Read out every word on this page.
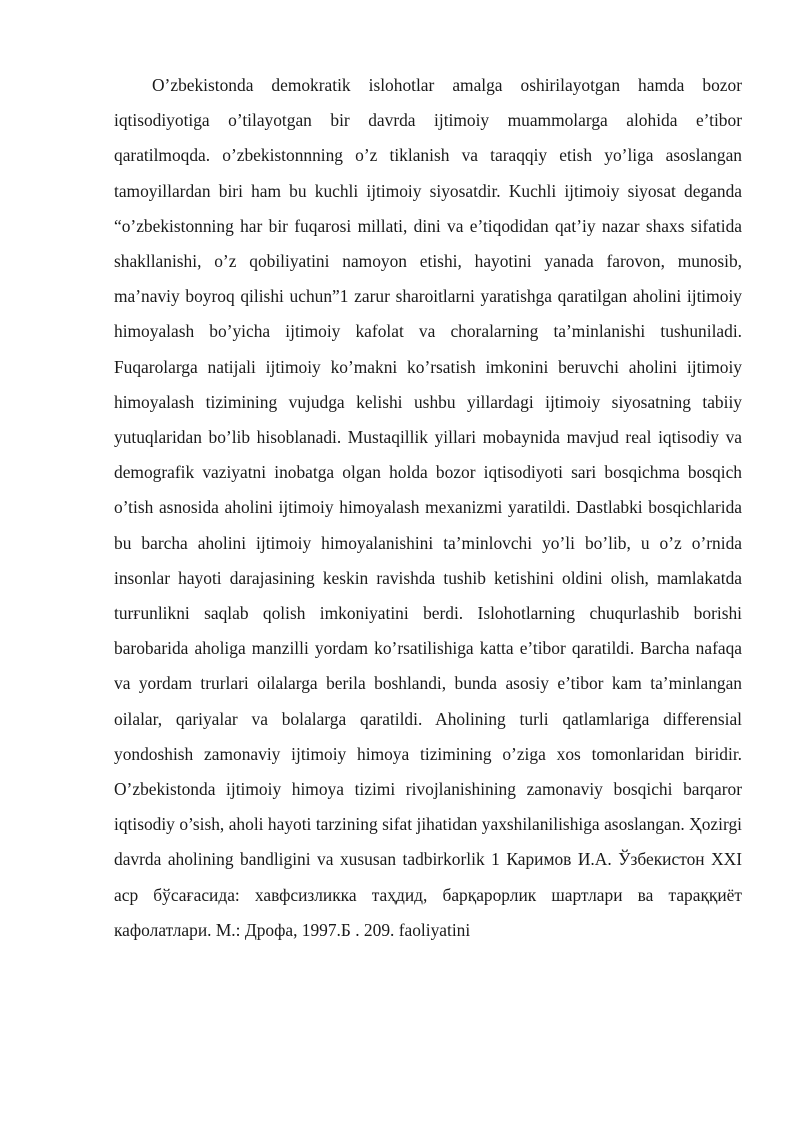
O’zbekistonda demokratik islohotlar amalga oshirilayotgan hamda bozor iqtisodiyotiga o’tilayotgan bir davrda ijtimoiy muammolarga alohida e’tibor qaratilmoqda. o’zbekistonnning o’z tiklanish va taraqqiy etish yo’liga asoslangan tamoyillardan biri ham bu kuchli ijtimoiy siyosatdir. Kuchli ijtimoiy siyosat deganda “o’zbekistonning har bir fuqarosi millati, dini va e’tiqodidan qat’iy nazar shaxs sifatida shakllanishi, o’z qobiliyatini namoyon etishi, hayotini yanada farovon, munosib, ma’naviy boyroq qilishi uchun”1 zarur sharoitlarni yaratishga qaratilgan aholini ijtimoiy himoyalash bo’yicha ijtimoiy kafolat va choralarning ta’minlanishi tushuniladi. Fuqarolarga natijali ijtimoiy ko’makni ko’rsatish imkonini beruvchi aholini ijtimoiy himoyalash tizimining vujudga kelishi ushbu yillardagi ijtimoiy siyosatning tabiiy yutuqlaridan bo’lib hisoblanadi. Mustaqillik yillari mobaynida mavjud real iqtisodiy va demografik vaziyatni inobatga olgan holda bozor iqtisodiyoti sari bosqichma bosqich o’tish asnosida aholini ijtimoiy himoyalash mexanizmi yaratildi. Dastlabki bosqichlarida bu barcha aholini ijtimoiy himoyalanishini ta’minlovchi yo’li bo’lib, u o’z o’rnida insonlar hayoti darajasining keskin ravishda tushib ketishini oldini olish, mamlakatda turғunlikni saqlab qolish imkoniyatini berdi. Islohotlarning chuqurlashib borishi barobarida aholiga manzilli yordam ko’rsatilishiga katta e’tibor qaratildi. Barcha nafaqa va yordam trurlari oilalarga berila boshlandi, bunda asosiy e’tibor kam ta’minlangan oilalar, qariyalar va bolalarga qaratildi. Aholining turli qatlamlariga differensial yondoshish zamonaviy ijtimoiy himoya tizimining o’ziga xos tomonlaridan biridir. O’zbekistonda ijtimoiy himoya tizimi rivojlanishining zamonaviy bosqichi barqaror iqtisodiy o’sish, aholi hayoti tarzining sifat jihatidan yaxshilanilishiga asoslangan. Ҳozirgi davrda aholining bandligini va xususan tadbirkorlik 1 Каримов И.А. Ўзбекистон XXI аср бўсағасида: хавфсизликка таҳдид, барқарорлик шартлари ва тараққиёт кафолатлари. М.: Дрофа, 1997.Б . 209. faoliyatini
